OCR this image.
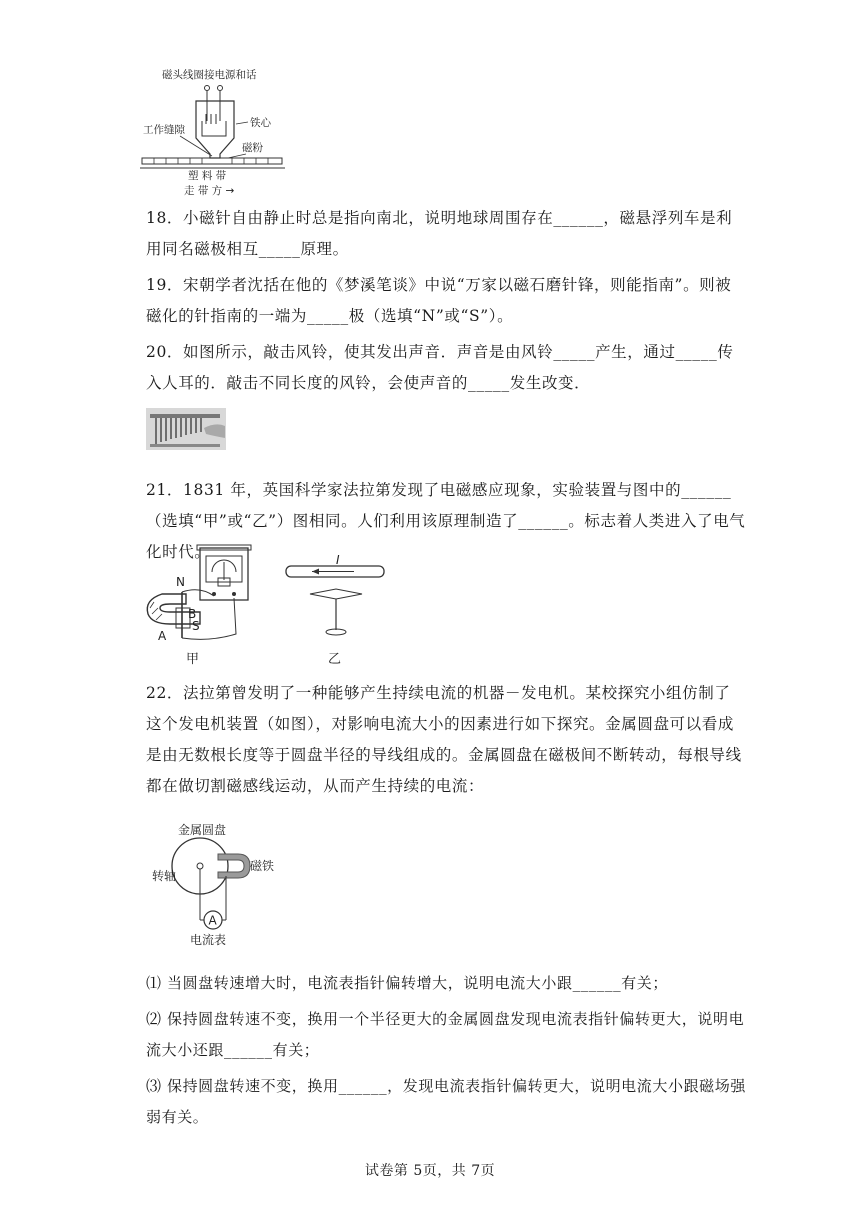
磁头线圈接电源和话
铁心
工作缝隙
磁粉
塑 料 带
走 带 方 →

18．小磁针自由静止时总是指向南北，说明地球周围存在______，磁悬浮列车是利用同名磁极相互_____原理。

19．宋朝学者沈括在他的《梦溪笔谈》中说“万家以磁石磨针锋，则能指南”。则被磁化的针指南的一端为_____极（选填“N”或“S”）。

20．如图所示，敲击风铃，使其发出声音．声音是由风铃_____产生，通过_____传入人耳的．敲击不同长度的风铃，会使声音的_____发生改变．

21．1831 年，英国科学家法拉第发现了电磁感应现象，实验装置与图中的______（选填“甲”或“乙”）图相同。人们利用该原理制造了______。标志着人类进入了电气化时代。

N
B
S
A
甲
I
乙

22．法拉第曾发明了一种能够产生持续电流的机器－发电机。某校探究小组仿制了这个发电机装置（如图），对影响电流大小的因素进行如下探究。金属圆盘可以看成是由无数根长度等于圆盘半径的导线组成的。金属圆盘在磁极间不断转动，每根导线都在做切割磁感线运动，从而产生持续的电流：

金属圆盘
磁铁
转轴
A
电流表

⑴ 当圆盘转速增大时，电流表指针偏转增大，说明电流大小跟______有关；

⑵ 保持圆盘转速不变，换用一个半径更大的金属圆盘发现电流表指针偏转更大，说明电流大小还跟______有关；

⑶ 保持圆盘转速不变，换用______，发现电流表指针偏转更大，说明电流大小跟磁场强弱有关。

试卷第 5页，共 7页
